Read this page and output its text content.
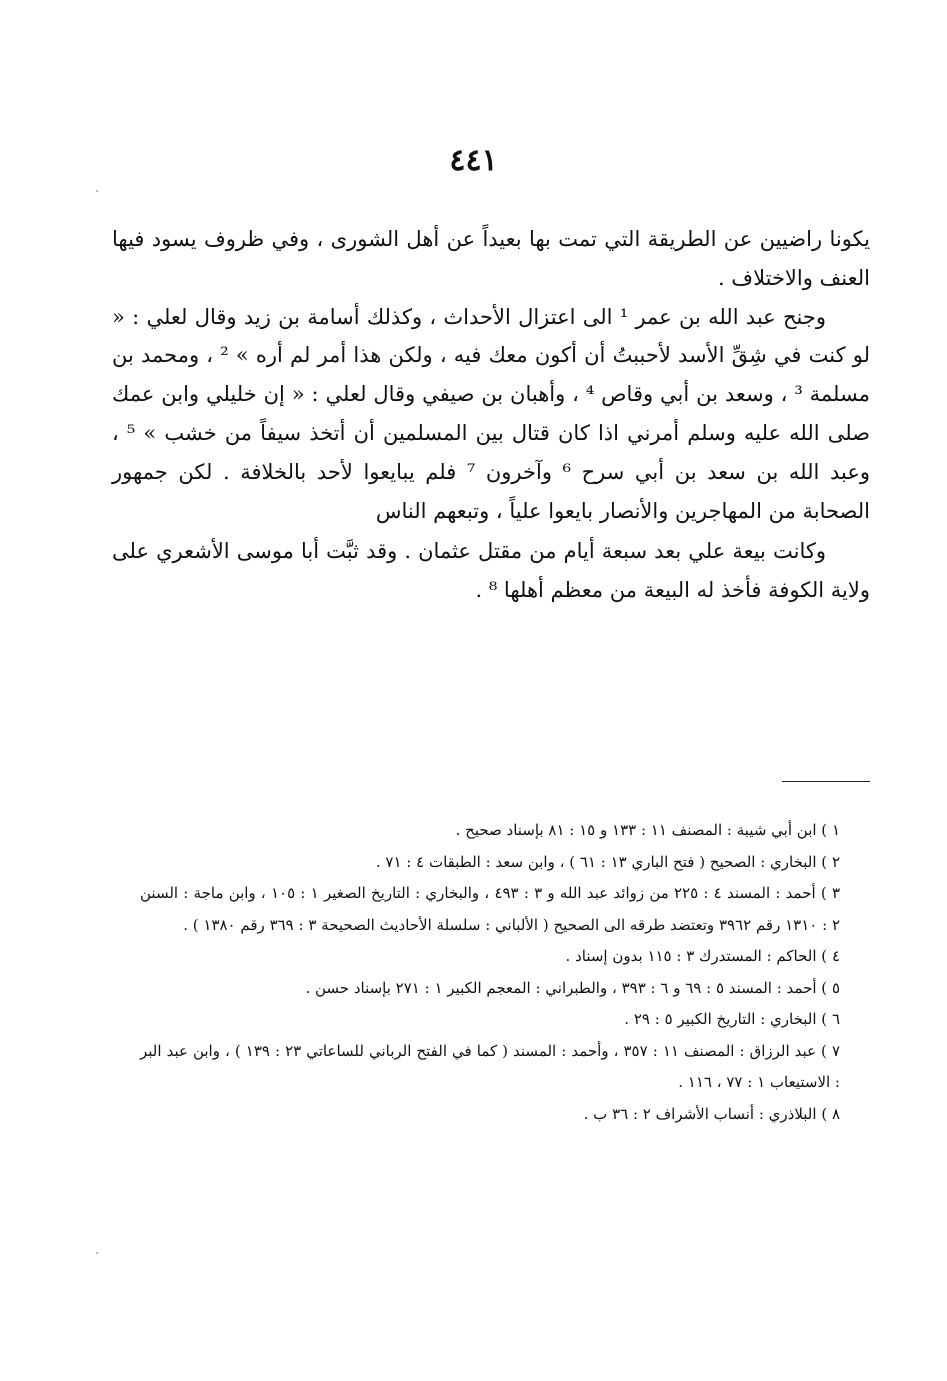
٤٤١

يكونا راضيين عن الطريقة التي تمت بها بعيداً عن أهل الشورى ، وفي ظروف يسود فيها العنف والاختلاف .

وجنح عبد الله بن عمر ¹ الى اعتزال الأحداث ، وكذلك أسامة بن زيد وقال لعلي : « لو كنت في شِقِّ الأسد لأحببتُ أن أكون معك فيه ، ولكن هذا أمر لم أره » ² ، ومحمد بن مسلمة ³ ، وسعد بن أبي وقاص ⁴ ، وأهبان بن صيفي وقال لعلي : « إن خليلي وابن عمك صلى الله عليه وسلم أمرني اذا كان قتال بين المسلمين أن أتخذ سيفاً من خشب » ⁵ ، وعبد الله بن سعد بن أبي سرح ⁶ وآخرون ⁷ فلم يبايعوا لأحد بالخلافة . لكن جمهور الصحابة من المهاجرين والأنصار بايعوا علياً ، وتبعهم الناس

وكانت بيعة علي بعد سبعة أيام من مقتل عثمان . وقد ثبَّت أبا موسى الأشعري على ولاية الكوفة فأخذ له البيعة من معظم أهلها ⁸ .

١ ) ابن أبي شيبة : المصنف ١١ : ١٣٣ و ١٥ : ٨١ بإسناد صحيح .

٢ ) البخاري : الصحيح ( فتح الباري ١٣ : ٦١ ) ، وابن سعد : الطبقات ٤ : ٧١ .

٣ ) أحمد : المسند ٤ : ٢٢٥ من زوائد عبد الله و ٣ : ٤٩٣ ، والبخاري : التاريخ الصغير ١ : ١٠٥ ، وابن ماجة : السنن ٢ : ١٣١٠ رقم ٣٩٦٢ وتعتضد طرقه الى الصحيح ( الألباني : سلسلة الأحاديث الصحيحة ٣ : ٣٦٩ رقم ١٣٨٠ ) .

٤ ) الحاكم : المستدرك ٣ : ١١٥ بدون إسناد .

٥ ) أحمد : المسند ٥ : ٦٩ و ٦ : ٣٩٣ ، والطبراني : المعجم الكبير ١ : ٢٧١ بإسناد حسن .

٦ ) البخاري : التاريخ الكبير ٥ : ٢٩ .

٧ ) عبد الرزاق : المصنف ١١ : ٣٥٧ ، وأحمد : المسند ( كما في الفتح الرباني للساعاتي ٢٣ : ١٣٩ ) ، وابن عبد البر : الاستيعاب ١ : ٧٧ ، ١١٦ .

٨ ) البلاذري : أنساب الأشراف ٢ : ٣٦ ب .
